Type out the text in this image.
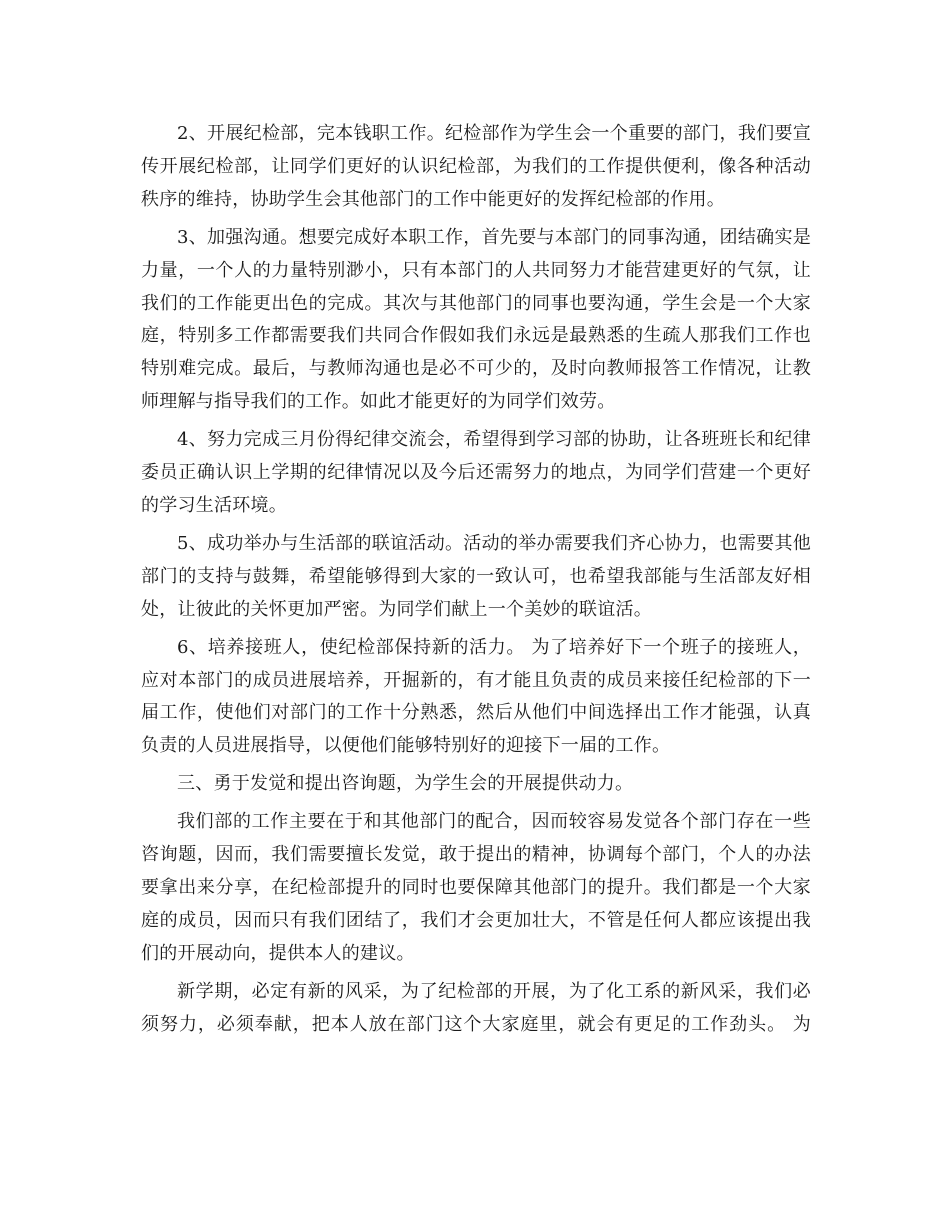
2、开展纪检部，完本钱职工作。纪检部作为学生会一个重要的部门，我们要宣传开展纪检部，让同学们更好的认识纪检部，为我们的工作提供便利，像各种活动秩序的维持，协助学生会其他部门的工作中能更好的发挥纪检部的作用。

3、加强沟通。想要完成好本职工作，首先要与本部门的同事沟通，团结确实是力量，一个人的力量特别渺小，只有本部门的人共同努力才能营建更好的气氛，让我们的工作能更出色的完成。其次与其他部门的同事也要沟通，学生会是一个大家庭，特别多工作都需要我们共同合作假如我们永远是最熟悉的生疏人那我们工作也特别难完成。最后，与教师沟通也是必不可少的，及时向教师报答工作情况，让教师理解与指导我们的工作。如此才能更好的为同学们效劳。

4、努力完成三月份得纪律交流会，希望得到学习部的协助，让各班班长和纪律委员正确认识上学期的纪律情况以及今后还需努力的地点，为同学们营建一个更好的学习生活环境。

5、成功举办与生活部的联谊活动。活动的举办需要我们齐心协力，也需要其他部门的支持与鼓舞，希望能够得到大家的一致认可，也希望我部能与生活部友好相处，让彼此的关怀更加严密。为同学们献上一个美妙的联谊活。

6、培养接班人，使纪检部保持新的活力。 为了培养好下一个班子的接班人，应对本部门的成员进展培养，开掘新的，有才能且负责的成员来接任纪检部的下一届工作，使他们对部门的工作十分熟悉，然后从他们中间选择出工作才能强，认真负责的人员进展指导，以便他们能够特别好的迎接下一届的工作。

三、勇于发觉和提出咨询题，为学生会的开展提供动力。

我们部的工作主要在于和其他部门的配合，因而较容易发觉各个部门存在一些咨询题，因而，我们需要擅长发觉，敢于提出的精神，协调每个部门，个人的办法要拿出来分享，在纪检部提升的同时也要保障其他部门的提升。我们都是一个大家庭的成员，因而只有我们团结了，我们才会更加壮大，不管是任何人都应该提出我们的开展动向，提供本人的建议。

新学期，必定有新的风采，为了纪检部的开展，为了化工系的新风采，我们必须努力，必须奉献，把本人放在部门这个大家庭里，就会有更足的工作劲头。 为
